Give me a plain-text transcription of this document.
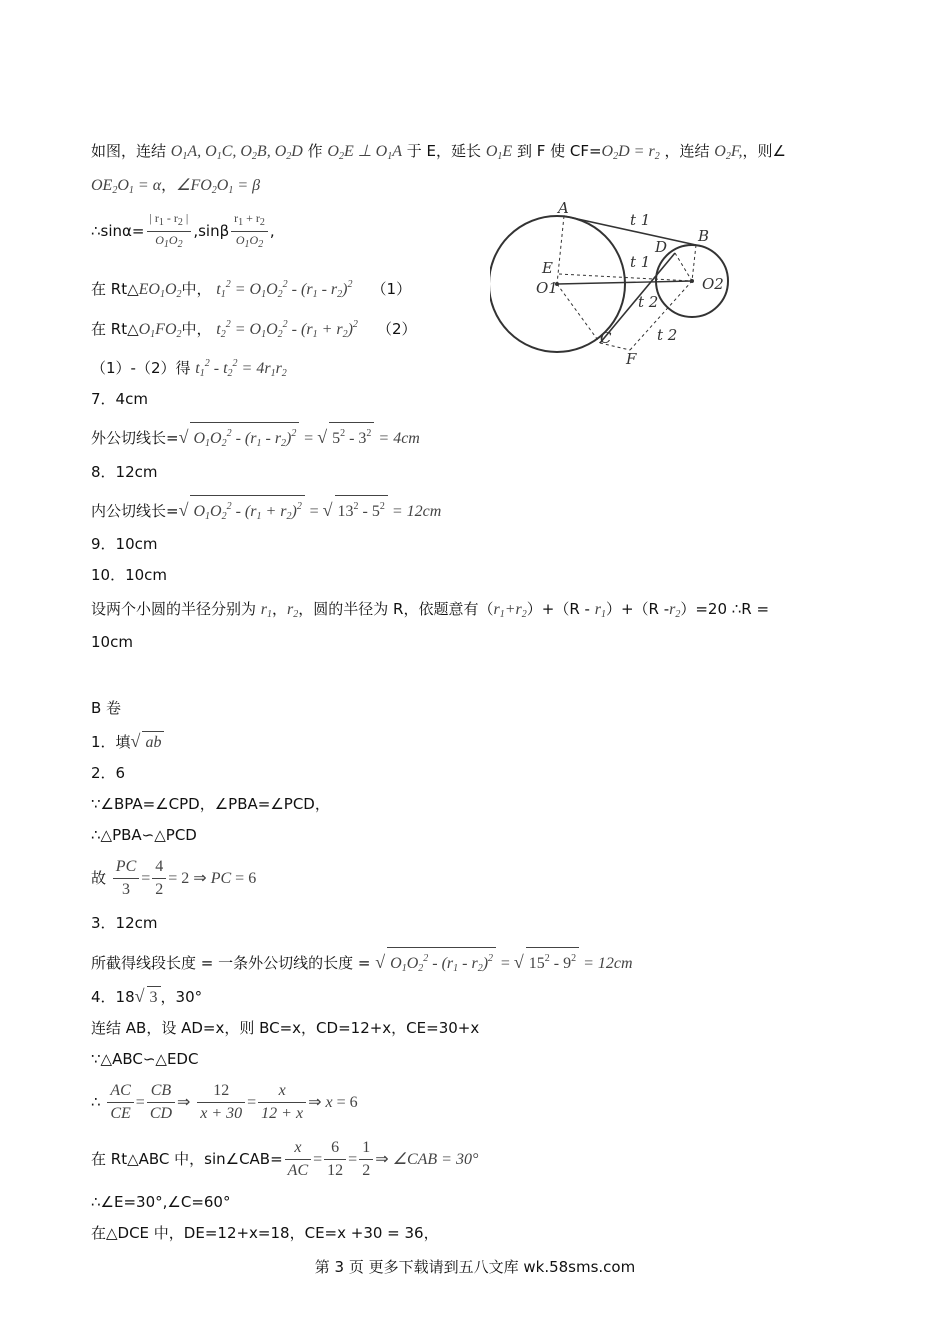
如图，连结 $O_1A$, $O_1C$, $O_2B$, $O_2D$ 作 $O_2E$ ⊥ $O_1A$ 于 E，延长 $O_1E$ 到 F 使 $CF=O_2D = r_2$ ，连结 $O_2F$,，则∠
$OE_2O_1 = \alpha$，$\angle FO_2O_1 = \beta$
∴sinα= $\frac{| r_1 - r_2 |}{O_1O_2} ,\sin\beta \frac{r_1 + r_2}{O_1O_2}$ ,
在 $Rt\triangle EO_1O_2$中， $t_1^2 = O_1O_2^2 - (r_1 - r_2)^2$ （1）
在 $Rt\triangle O_1FO_2$中， $t_2^2 = O_1O_2^2 - (r_1 + r_2)^2$ （2）
（1）-（2）得 $t_1^2 - t_2^2 = 4r_1r_2$
A
t 1
B
D
t 1
E
O1	O2
t 2
C	t 2
F
7．4cm
外公切线长=√ $O_1O_2^2 - (r_1 - r_2)^2$ = √ $5^2 - 3^2 = 4cm$
8．12cm
内公切线长=√ $O_1O_2^2 - (r_1 + r_2)^2$ = √ $13^2 - 5^2 = 12cm$
9．10cm
10．10cm
设两个小圆的半径分别为 $r_1$，$r_2$，圆的半径为 R，依题意有$(r_1+r_2)+(R - r_1)+(R$ $-r_2)=20$ ∴R =
10cm
B 卷
1．填√ ab
2．6
∵∠BPA=∠CPD，∠PBA=∠PCD，
∴△PBA∽△PCD
故 $\frac{PC}{3} = \frac{4}{2} = 2$ ⇒ PC = 6
3．12cm
所截得线段长度 = 一条外公切线的长度 = √ $O_1O_2^2 - (r_1 - r_2)^2$ = √ $15^2 - 9^2 = 12cm$
4．18√ 3 ，30°
连结 AB，设 AD=x，则 BC=x，CD=12+x，CE=30+x
∵△ABC∽△EDC
∴ $\frac{AC}{CE} = \frac{CB}{CD}$ ⇒ $\frac{12}{x + 30} = \frac{x}{12 + x}$ ⇒ x = 6
在 Rt△ABC 中，sin∠CAB= $\frac{x}{AC} = \frac{6}{12} = \frac{1}{2}$ ⇒ ∠CAB = 30°
∴∠E=30°,∠C=60°
在△DCE 中，DE=12+x=18，CE=x +30 = 36，
第 3 页 更多下载请到五八文库 wk.58sms.com
